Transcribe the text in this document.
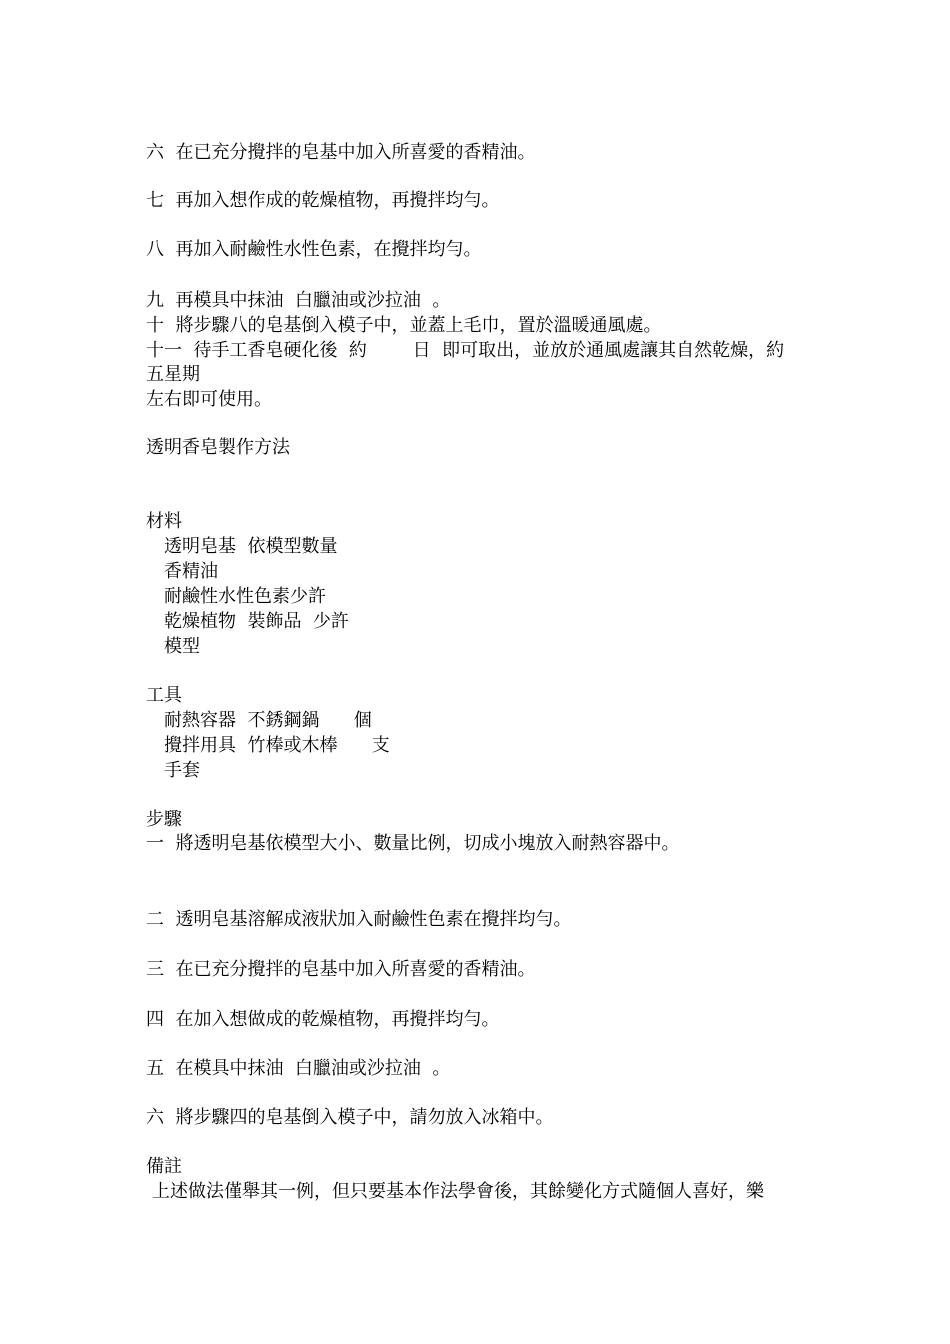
六  在已充分攪拌的皂基中加入所喜愛的香精油。
七  再加入想作成的乾燥植物，再攪拌均勻。
八  再加入耐鹼性水性色素，在攪拌均勻。
九  再模具中抹油  白臘油或沙拉油  。
十  將步驟八的皂基倒入模子中，並蓋上毛巾，置於溫暖通風處。
十一  待手工香皂硬化後  約        日  即可取出，並放於通風處讓其自然乾燥，約
五星期
左右即可使用。
透明香皂製作方法
材料
透明皂基  依模型數量
香精油
耐鹼性水性色素少許
乾燥植物  裝飾品  少許
模型
工具
耐熱容器  不銹鋼鍋      個
攪拌用具  竹棒或木棒      支
手套
步驟
一  將透明皂基依模型大小、數量比例，切成小塊放入耐熱容器中。
二  透明皂基溶解成液狀加入耐鹼性色素在攪拌均勻。
三  在已充分攪拌的皂基中加入所喜愛的香精油。
四  在加入想做成的乾燥植物，再攪拌均勻。
五  在模具中抹油  白臘油或沙拉油  。
六  將步驟四的皂基倒入模子中，請勿放入冰箱中。
備註
上述做法僅舉其一例，但只要基本作法學會後，其餘變化方式隨個人喜好，樂
